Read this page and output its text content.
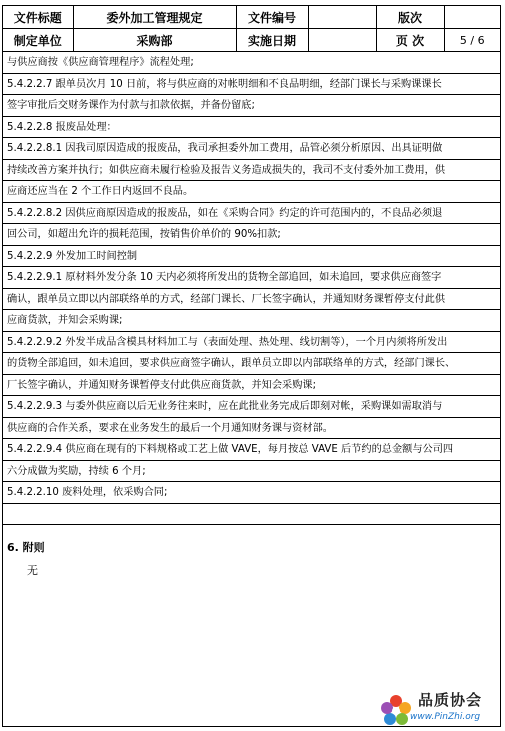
文件标题	委外加工管理规定	文件编号		版次	
制定单位	采购部	实施日期		页 次	5 / 6
与供应商按《供应商管理程序》流程处理;
5.4.2.2.7 跟单员次月 10 日前，将与供应商的对帐明细和不良品明细，经部门课长与采购课课长
签字审批后交财务课作为付款与扣款依据，并备份留底;
5.4.2.2.8 报废品处理：
5.4.2.2.8.1 因我司原因造成的报废品，我司承担委外加工费用，品管必须分析原因、出具证明做
持续改善方案并执行；如供应商未履行检验及报告义务造成损失的，我司不支付委外加工费用，供
应商还应当在 2 个工作日内返回不良品。
5.4.2.2.8.2 因供应商原因造成的报废品，如在《采购合同》约定的许可范围内的，不良品必须退
回公司，如超出允许的损耗范围，按销售价单价的 90%扣款;
5.4.2.2.9 外发加工时间控制
5.4.2.2.9.1 原材料外发分条 10 天内必须将所发出的货物全部追回，如未追回，要求供应商签字
确认，跟单员立即以内部联络单的方式，经部门课长、厂长签字确认，并通知财务课暂停支付此供
应商货款，并知会采购课;
5.4.2.2.9.2 外发半成品含模具材料加工与（表面处理、热处理、线切割等），一个月内须将所发出
的货物全部追回，如未追回，要求供应商签字确认，跟单员立即以内部联络单的方式，经部门课长、
厂长签字确认，并通知财务课暂停支付此供应商货款，并知会采购课;
5.4.2.2.9.3 与委外供应商以后无业务往来时，应在此批业务完成后即刻对帐，采购课如需取消与
供应商的合作关系，要求在业务发生的最后一个月通知财务课与资材部。
5.4.2.2.9.4 供应商在现有的下料规格或工艺上做 VAVE，每月按总 VAVE 后节约的总金额与公司四
六分成做为奖励，持续 6 个月;
5.4.2.2.10 废料处理，依采购合同;
6. 附则
无
品质协会
www.PinZhi.org
